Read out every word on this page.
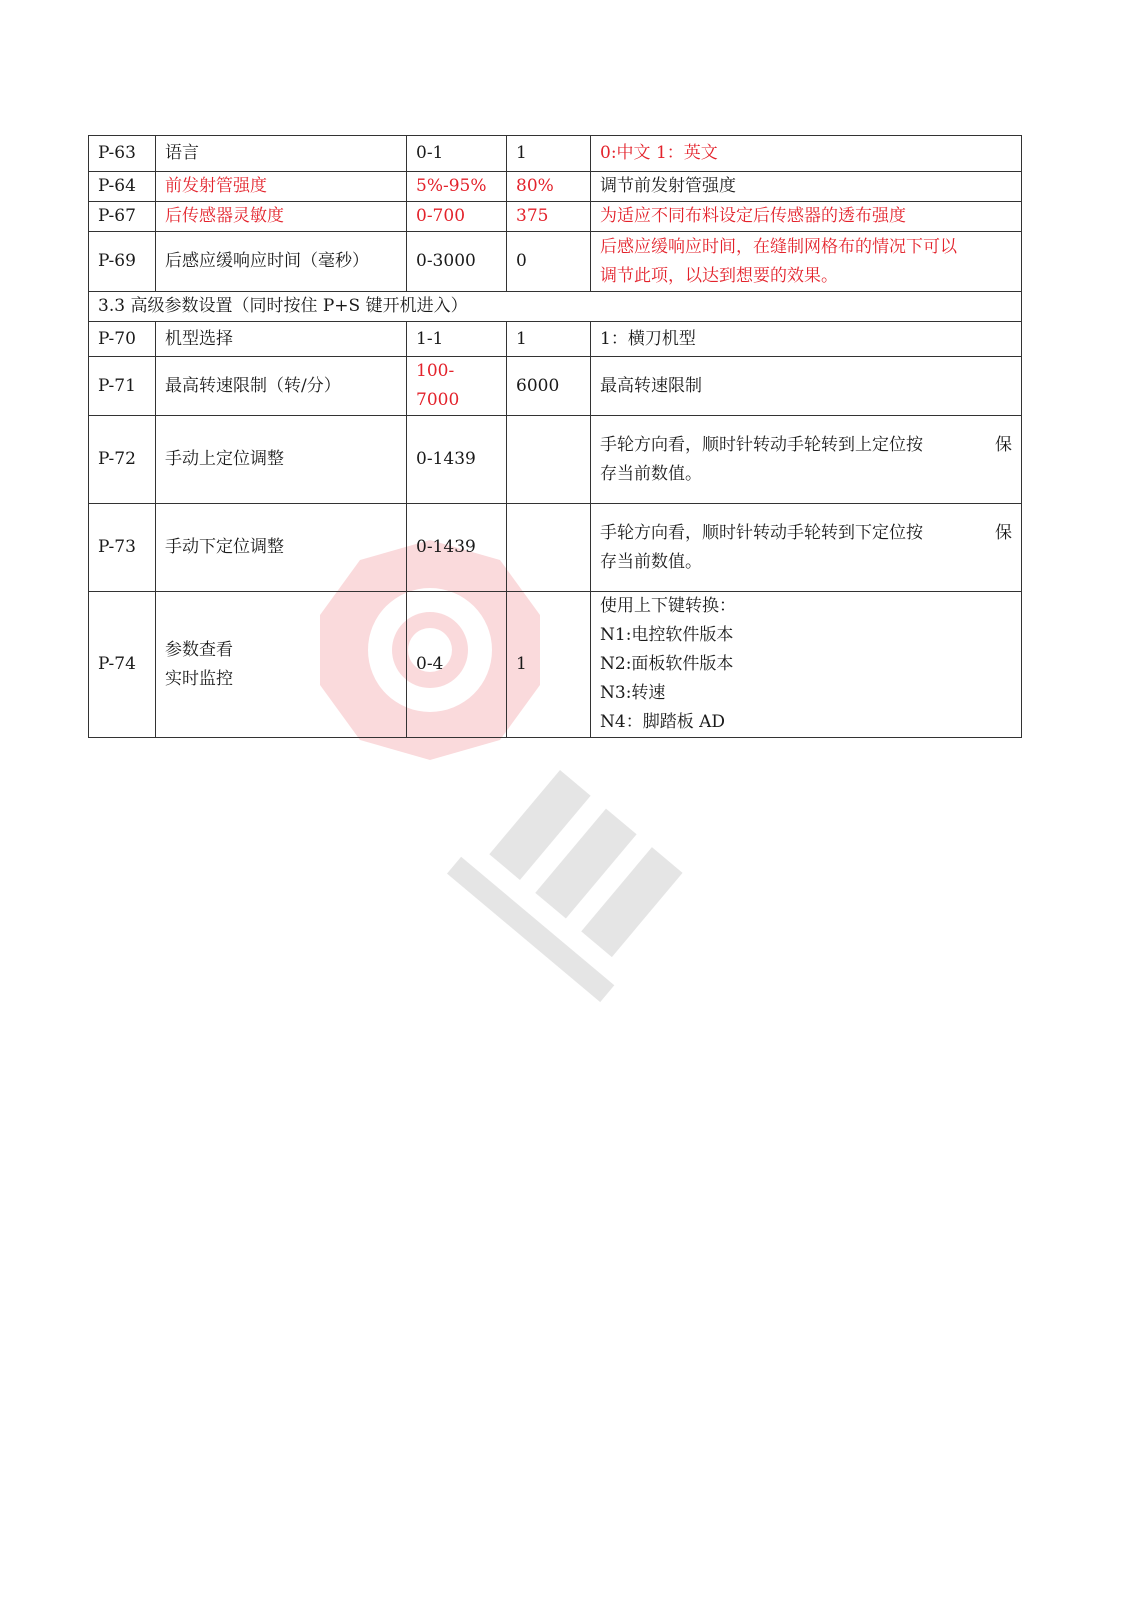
P-63	语言	0-1	1	0:中文 1：英文
P-64	前发射管强度	5%-95%	80%	调节前发射管强度
P-67	后传感器灵敏度	0-700	375	为适应不同布料设定后传感器的透布强度
P-69	后感应缓响应时间（毫秒）	0-3000	0	后感应缓响应时间，在缝制网格布的情况下可以
调节此项，以达到想要的效果。

3.3 高级参数设置（同时按住 P+S 键开机进入）				
P-70	机型选择	1-1	1	1：横刀机型
P-71	最高转速限制（转/分）	100-7000	6000	最高转速限制
P-72	手动上定位调整	0-1439		手轮方向看，顺时针转动手轮转到上定位按 保
存当前数值。

P-73	手动下定位调整	0-1439		手轮方向看，顺时针转动手轮转到下定位按 保
存当前数值。

P-74	参数查看
实时监控	0-4	1	使用上下键转换：
N1:电控软件版本
N2:面板软件版本
N3:转速
N4：脚踏板 AD
